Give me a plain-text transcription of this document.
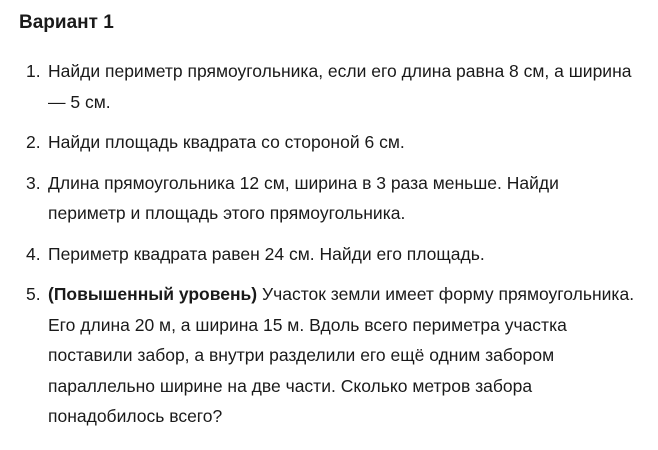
Вариант 1
1. Найди периметр прямоугольника, если его длина равна 8 см, а ширина — 5 см.
2. Найди площадь квадрата со стороной 6 см.
3. Длина прямоугольника 12 см, ширина в 3 раза меньше. Найди периметр и площадь этого прямоугольника.
4. Периметр квадрата равен 24 см. Найди его площадь.
5. (Повышенный уровень) Участок земли имеет форму прямоугольника. Его длина 20 м, а ширина 15 м. Вдоль всего периметра участка поставили забор, а внутри разделили его ещё одним забором параллельно ширине на две части. Сколько метров забора понадобилось всего?
